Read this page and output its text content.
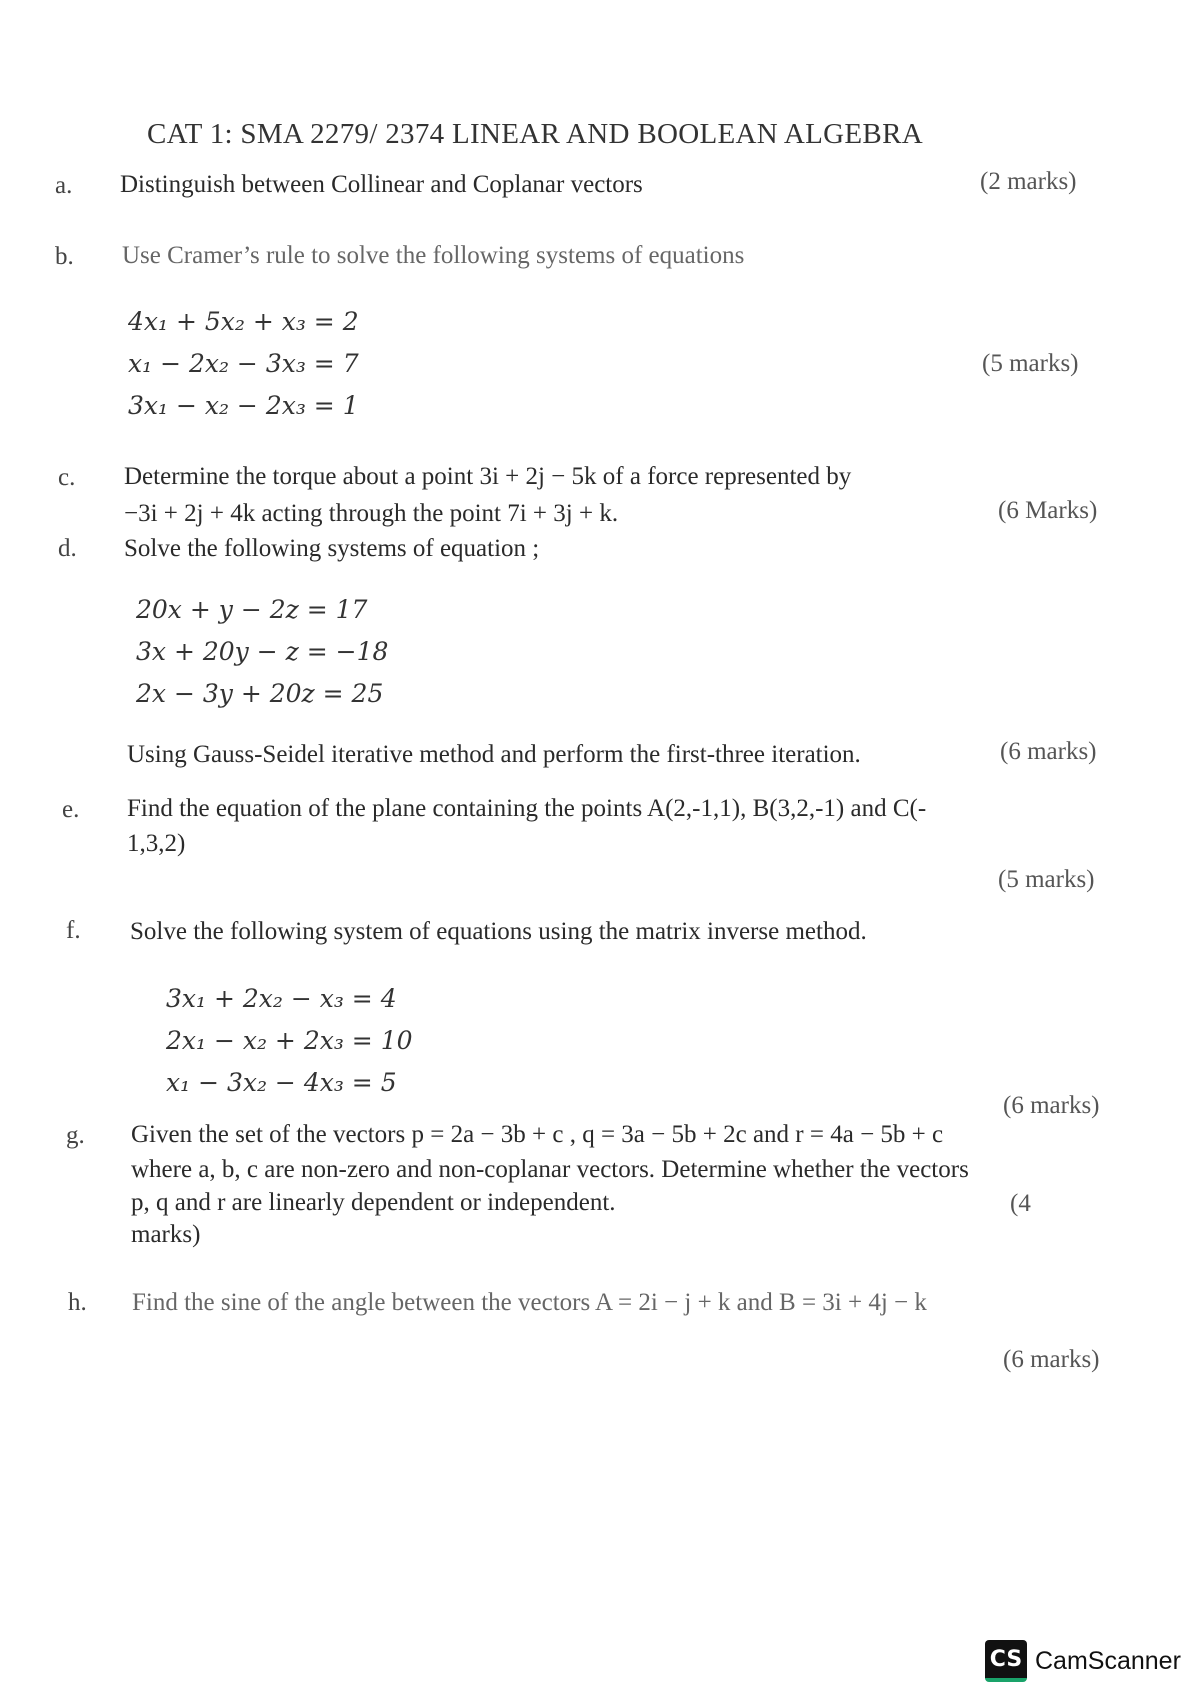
CAT 1: SMA 2279/ 2374 LINEAR AND BOOLEAN ALGEBRA
a. Distinguish between Collinear and Coplanar vectors	(2 marks)
b. Use Cramer’s rule to solve the following systems of equations
4x₁ + 5x₂ + x₃ = 2
x₁ − 2x₂ − 3x₃ = 7
3x₁ − x₂ − 2x₃ = 1
(5 marks)
c. Determine the torque about a point 3i + 2j − 5k of a force represented by
−3i + 2j + 4k acting through the point 7i + 3j + k.	(6 Marks)
d. Solve the following systems of equation ;
20x + y − 2z = 17
3x + 20y − z = −18
2x − 3y + 20z = 25
Using Gauss-Seidel iterative method and perform the first-three iteration.	(6 marks)
e. Find the equation of the plane containing the points A(2,-1,1), B(3,2,-1) and C(-
1,3,2)
(5 marks)
f. Solve the following system of equations using the matrix inverse method.
3x₁ + 2x₂ − x₃ = 4
2x₁ − x₂ + 2x₃ = 10
x₁ − 3x₂ − 4x₃ = 5
(6 marks)
g. Given the set of the vectors p = 2a − 3b + c , q = 3a − 5b + 2c and r = 4a − 5b + c
where a, b, c are non-zero and non-coplanar vectors. Determine whether the vectors
p, q and r are linearly dependent or independent.	(4
marks)
h. Find the sine of the angle between the vectors A = 2i − j + k and B = 3i + 4j − k
(6 marks)
CS CamScanner
